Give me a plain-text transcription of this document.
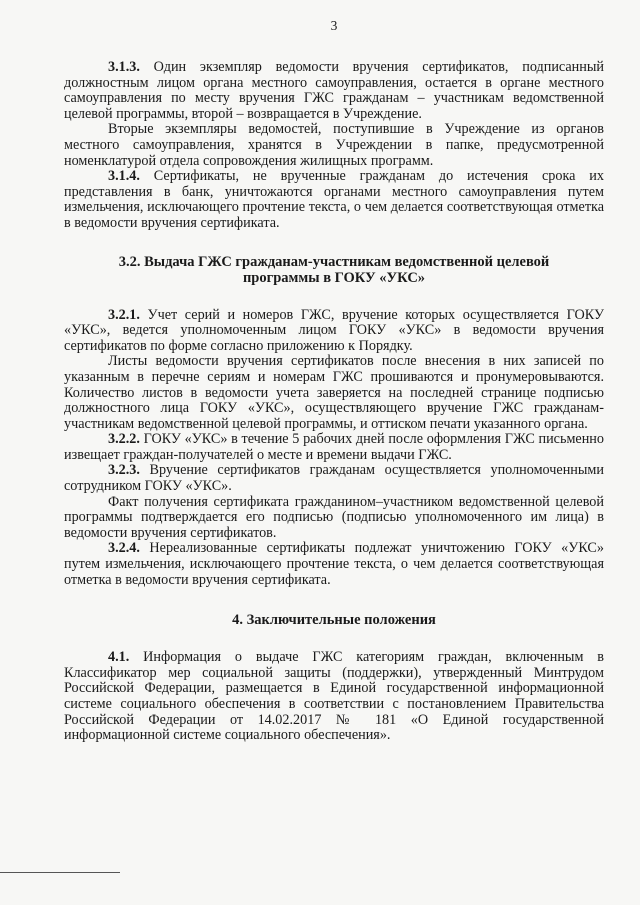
3

3.1.3. Один экземпляр ведомости вручения сертификатов, подписанный должностным лицом органа местного самоуправления, остается в органе местного самоуправления по месту вручения ГЖС гражданам – участникам ведомственной целевой программы, второй – возвращается в Учреждение.

Вторые экземпляры ведомостей, поступившие в Учреждение из органов местного самоуправления, хранятся в Учреждении в папке, предусмотренной номенклатурой отдела сопровождения жилищных программ.

3.1.4. Сертификаты, не врученные гражданам до истечения срока их представления в банк, уничтожаются органами местного самоуправления путем измельчения, исключающего прочтение текста, о чем делается соответствующая отметка в ведомости вручения сертификата.

3.2. Выдача ГЖС гражданам-участникам ведомственной целевой программы в ГОКУ «УКС»

3.2.1. Учет серий и номеров ГЖС, вручение которых осуществляется ГОКУ «УКС», ведется уполномоченным лицом ГОКУ «УКС» в ведомости вручения сертификатов по форме согласно приложению к Порядку.

Листы ведомости вручения сертификатов после внесения в них записей по указанным в перечне сериям и номерам ГЖС прошиваются и пронумеровываются. Количество листов в ведомости учета заверяется на последней странице подписью должностного лица ГОКУ «УКС», осуществляющего вручение ГЖС гражданам-участникам ведомственной целевой программы, и оттиском печати указанного органа.

3.2.2. ГОКУ «УКС» в течение 5 рабочих дней после оформления ГЖС письменно извещает граждан-получателей о месте и времени выдачи ГЖС.

3.2.3. Вручение сертификатов гражданам осуществляется уполномоченными сотрудником ГОКУ «УКС».

Факт получения сертификата гражданином–участником ведомственной целевой программы подтверждается его подписью (подписью уполномоченного им лица) в ведомости вручения сертификатов.

3.2.4. Нереализованные сертификаты подлежат уничтожению ГОКУ «УКС» путем измельчения, исключающего прочтение текста, о чем делается соответствующая отметка в ведомости вручения сертификата.

4. Заключительные положения

4.1. Информация о выдаче ГЖС категориям граждан, включенным в Классификатор мер социальной защиты (поддержки), утвержденный Минтрудом Российской Федерации, размещается в Единой государственной информационной системе социального обеспечения в соответствии с постановлением Правительства Российской Федерации от 14.02.2017 № 181 «О Единой государственной информационной системе социального обеспечения».
